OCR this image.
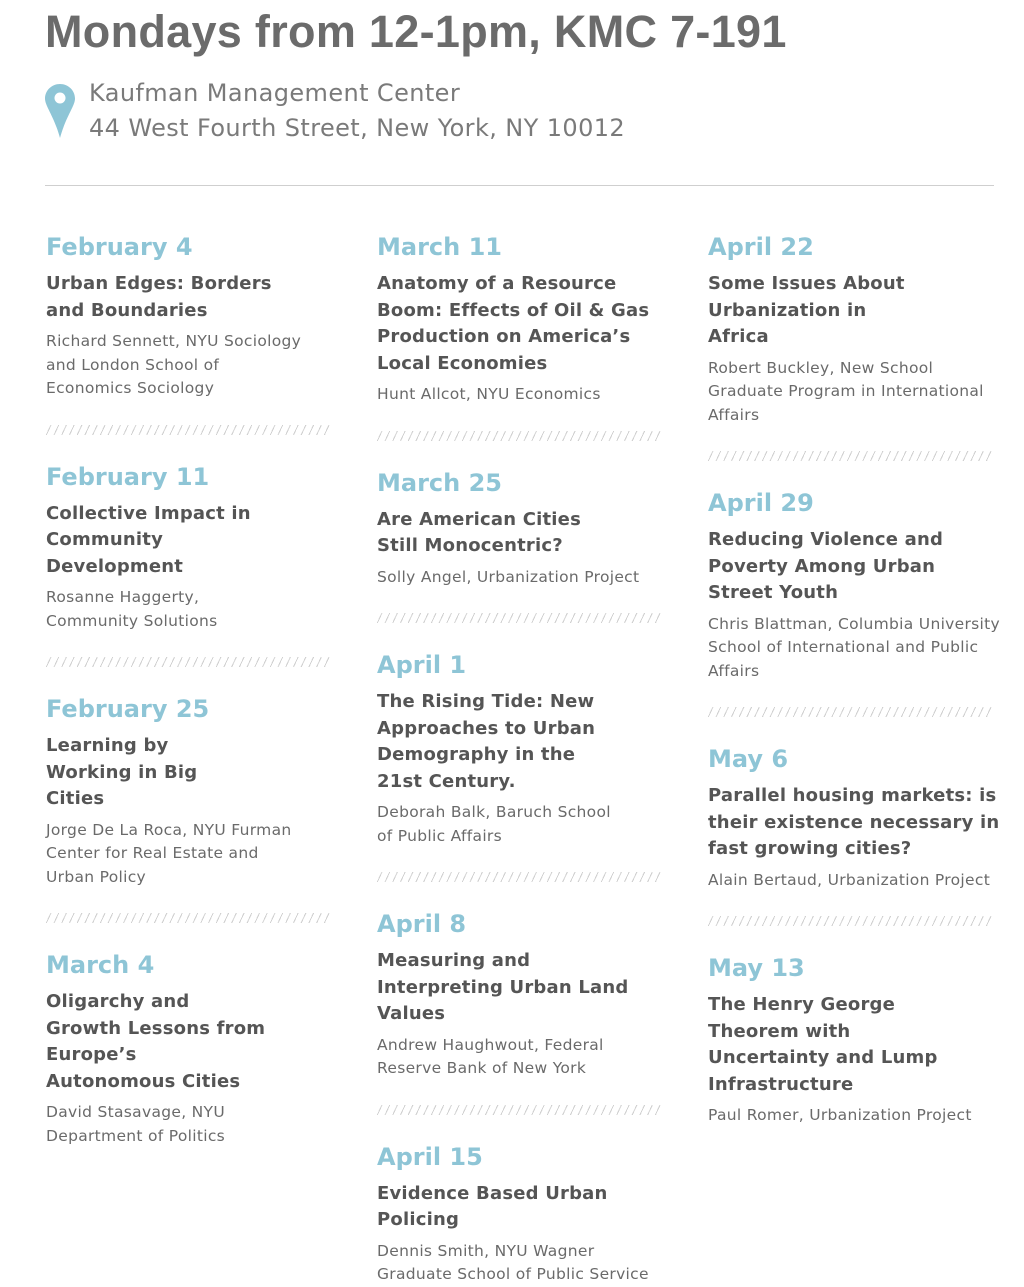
Mondays from 12-1pm, KMC 7-191
Kaufman Management Center
44 West Fourth Street, New York, NY 10012
February 4
Urban Edges: Borders and Boundaries
Richard Sennett, NYU Sociology and London School of Economics Sociology
February 11
Collective Impact in Community Development
Rosanne Haggerty, Community Solutions
February 25
Learning by Working in Big Cities
Jorge De La Roca, NYU Furman Center for Real Estate and Urban Policy
March 4
Oligarchy and Growth Lessons from Europe’s Autonomous Cities
David Stasavage, NYU Department of Politics
March 11
Anatomy of a Resource Boom: Effects of Oil & Gas Production on America’s Local Economies
Hunt Allcot, NYU Economics
March 25
Are American Cities Still Monocentric?
Solly Angel, Urbanization Project
April 1
The Rising Tide: New Approaches to Urban Demography in the 21st Century.
Deborah Balk, Baruch School of Public Affairs
April 8
Measuring and Interpreting Urban Land Values
Andrew Haughwout, Federal Reserve Bank of New York
April 15
Evidence Based Urban Policing
Dennis Smith, NYU Wagner Graduate School of Public Service
April 22
Some Issues About Urbanization in Africa
Robert Buckley, New School Graduate Program in International Affairs
April 29
Reducing Violence and Poverty Among Urban Street Youth
Chris Blattman, Columbia University School of International and Public Affairs
May 6
Parallel housing markets: is their existence necessary in fast growing cities?
Alain Bertaud, Urbanization Project
May 13
The Henry George Theorem with Uncertainty and Lump Infrastructure
Paul Romer, Urbanization Project
